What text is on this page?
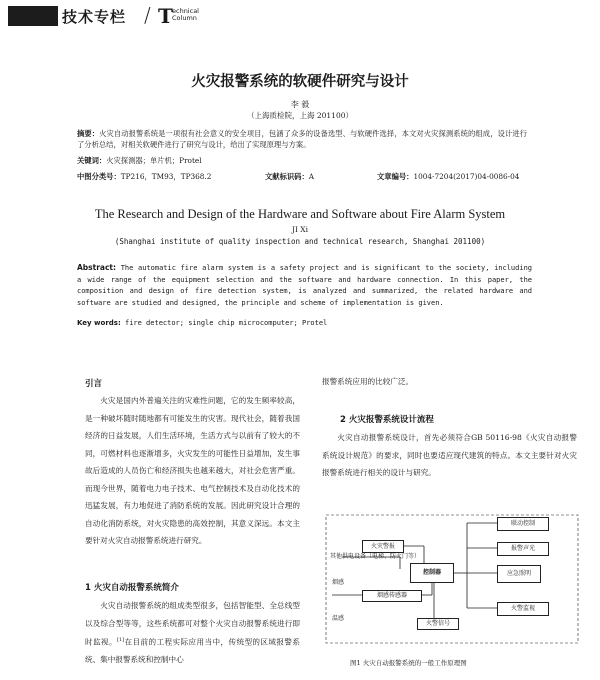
技术专栏 / T echnical
Column
火灾报警系统的软硬件研究与设计
李 毅
（上海质检院，上海 201100）
摘要：火灾自动报警系统是一项很有社会意义的安全项目，包涵了众多的设备选型、与软硬件选择，本文对火灾探测系统的组成，设计进行了分析总结，对相关软硬件进行了研究与设计，给出了实现原理与方案。
关键词：火灾探测器；单片机；Protel
中图分类号：TP216，TM93，TP368.2	文献标识码：A	文章编号：1004-7204(2017)04-0086-04
The Research and Design of the Hardware and Software about Fire Alarm System
JI Xi
(Shanghai institute of quality inspection and technical research, Shanghai 201100)
Abstract: The automatic fire alarm system is a safety project and is significant to the society, including a wide range of the equipment selection and the software and hardware connection. In this paper, the composition and design of fire detection system, is analyzed and summarized, the related hardware and software are studied and designed, the principle and scheme of implementation is given.
Key words: fire detector; single chip microcomputer; Protel
引言
火灾是国内外普遍关注的灾难性问题，它的发生频率较高，是一种破坏随时随地都有可能发生的灾害。现代社会，随着我国经济的日益发展，人们生活环境，生活方式与以前有了较大的不同，可燃材料也逐渐增多，火灾发生的可能性日益增加，发生事故后造成的人员伤亡和经济损失也越来越大，对社会危害严重。而现今世界，随着电力电子技术、电气控制技术及自动化技术的迅猛发展，有力地促进了消防系统的发展。因此研究设计合理的自动化消防系统，对火灾隐患的高效控制，其意义深远。本文主要针对火灾自动报警系统进行研究。
1 火灾自动报警系统简介
火灾自动报警系统的组成类型很多，包括智能型、全总线型以及综合型等等，这些系统都可对整个火灾自动报警系统进行即时监视。[1]在目前的工程实际应用当中，传统型的区域报警系统、集中报警系统和控制中心
报警系统应用的比较广泛。
2 火灾报警系统设计流程
火灾自动报警系统设计，首先必须符合GB 50116-98《火灾自动报警系统设计规范》的要求，同时也要适应现代建筑的特点。本文主要针对火灾报警系统进行相关的设计与研究。
火灾警报
其他供电设备（电梯、防火门等）
控制器
烟感
烟感传感器
温感
火警信号
联动控制
报警声光
应急照明
火警监视
图1 火灾自动报警系统的一般工作原理图
